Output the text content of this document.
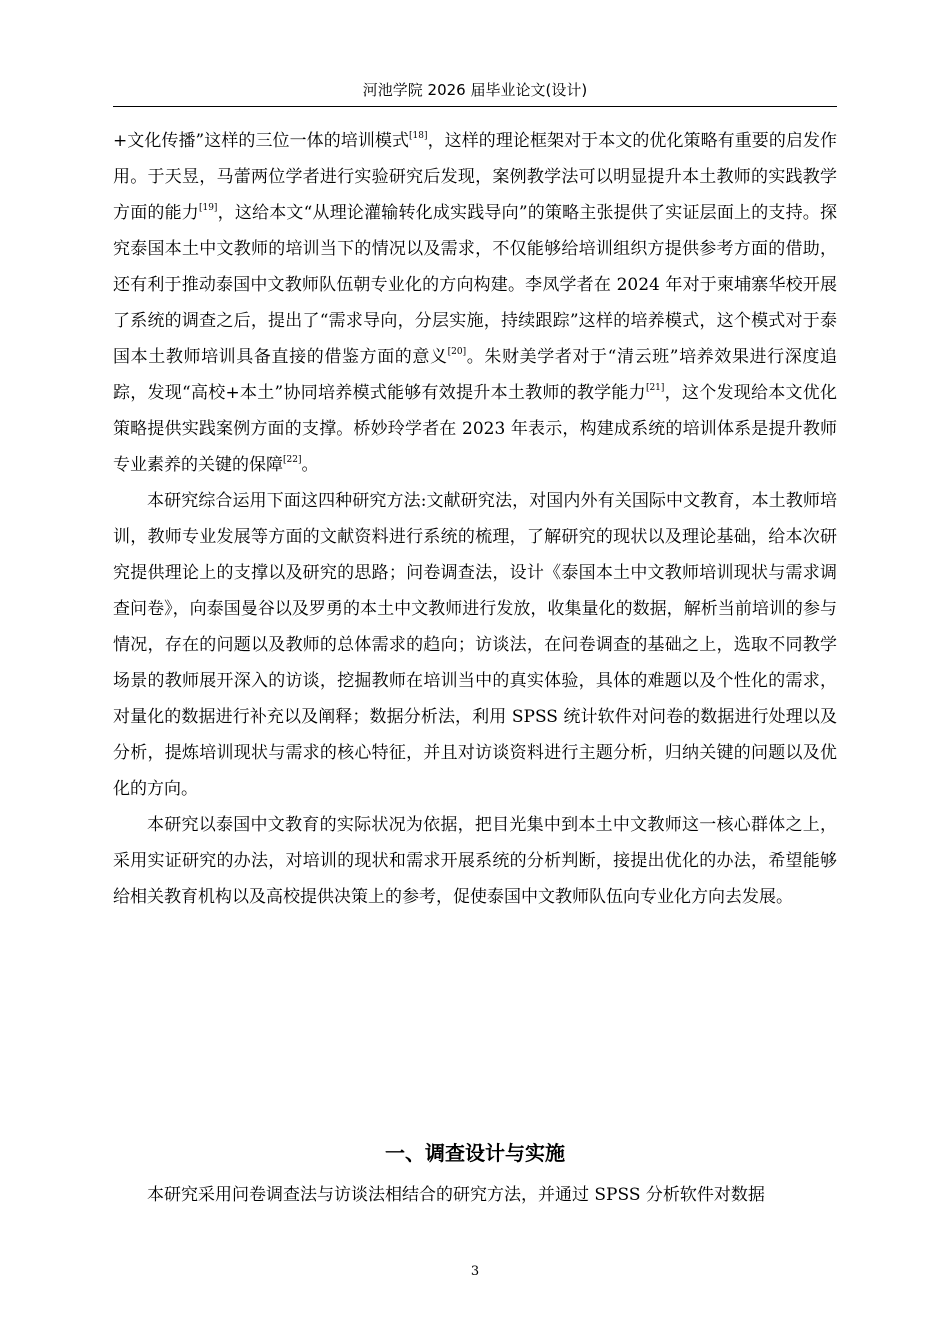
河池学院 2026 届毕业论文(设计)

+文化传播”这样的三位一体的培训模式[18]，这样的理论框架对于本文的优化策略有重要的启发作用。于天昱，马蕾两位学者进行实验研究后发现，案例教学法可以明显提升本土教师的实践教学方面的能力[19]，这给本文“从理论灌输转化成实践导向”的策略主张提供了实证层面上的支持。探究泰国本土中文教师的培训当下的情况以及需求，不仅能够给培训组织方提供参考方面的借助，还有利于推动泰国中文教师队伍朝专业化的方向构建。李凤学者在 2024 年对于柬埔寨华校开展了系统的调查之后，提出了“需求导向，分层实施，持续跟踪”这样的培养模式，这个模式对于泰国本土教师培训具备直接的借鉴方面的意义[20]。朱财美学者对于“清云班”培养效果进行深度追踪，发现“高校+本土”协同培养模式能够有效提升本土教师的教学能力[21]，这个发现给本文优化策略提供实践案例方面的支撑。桥妙玲学者在 2023 年表示，构建成系统的培训体系是提升教师专业素养的关键的保障[22]。

本研究综合运用下面这四种研究方法:文献研究法，对国内外有关国际中文教育，本土教师培训，教师专业发展等方面的文献资料进行系统的梳理，了解研究的现状以及理论基础，给本次研究提供理论上的支撑以及研究的思路；问卷调查法，设计《泰国本土中文教师培训现状与需求调查问卷》，向泰国曼谷以及罗勇的本土中文教师进行发放，收集量化的数据，解析当前培训的参与情况，存在的问题以及教师的总体需求的趋向；访谈法，在问卷调查的基础之上，选取不同教学场景的教师展开深入的访谈，挖掘教师在培训当中的真实体验，具体的难题以及个性化的需求，对量化的数据进行补充以及阐释；数据分析法，利用 SPSS 统计软件对问卷的数据进行处理以及分析，提炼培训现状与需求的核心特征，并且对访谈资料进行主题分析，归纳关键的问题以及优化的方向。

本研究以泰国中文教育的实际状况为依据，把目光集中到本土中文教师这一核心群体之上，采用实证研究的办法，对培训的现状和需求开展系统的分析判断，接提出优化的办法，希望能够给相关教育机构以及高校提供决策上的参考，促使泰国中文教师队伍向专业化方向去发展。

一、调查设计与实施

本研究采用问卷调查法与访谈法相结合的研究方法，并通过 SPSS 分析软件对数据

3
